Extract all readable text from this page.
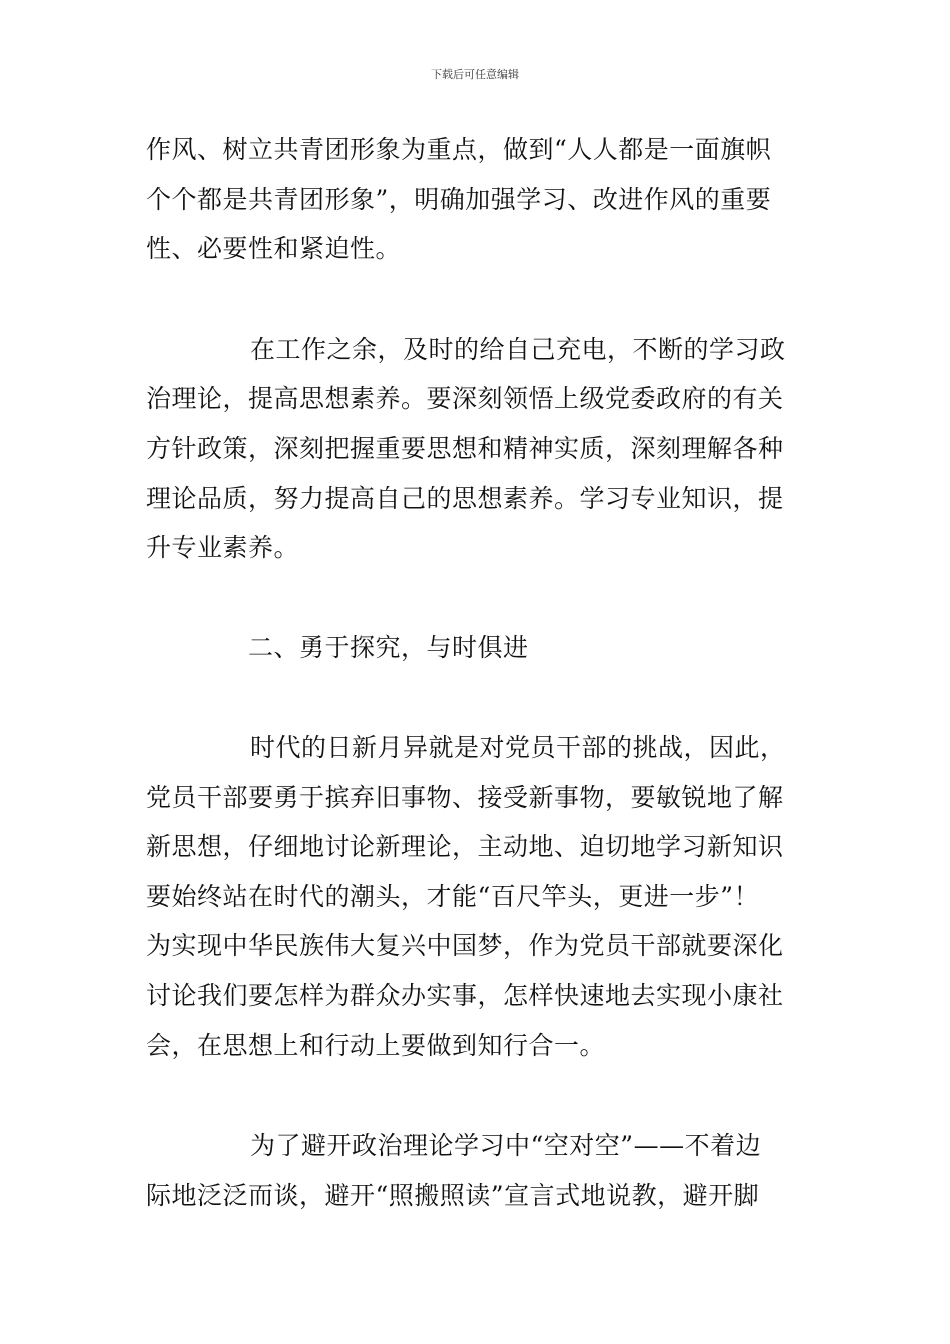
下载后可任意编辑
作风、树立共青团形象为重点，做到“人人都是一面旗帜
个个都是共青团形象”，明确加强学习、改进作风的重要
性、必要性和紧迫性。
在工作之余，及时的给自己充电，不断的学习政
治理论，提高思想素养。要深刻领悟上级党委政府的有关
方针政策，深刻把握重要思想和精神实质，深刻理解各种
理论品质，努力提高自己的思想素养。学习专业知识，提
升专业素养。
二、勇于探究，与时俱进
时代的日新月异就是对党员干部的挑战，因此，
党员干部要勇于摈弃旧事物、接受新事物，要敏锐地了解
新思想，仔细地讨论新理论，主动地、迫切地学习新知识
要始终站在时代的潮头，才能“百尺竿头，更进一步”！
为实现中华民族伟大复兴中国梦，作为党员干部就要深化
讨论我们要怎样为群众办实事，怎样快速地去实现小康社
会，在思想上和行动上要做到知行合一。
为了避开政治理论学习中“空对空”——不着边
际地泛泛而谈，避开“照搬照读”宣言式地说教，避开脚
